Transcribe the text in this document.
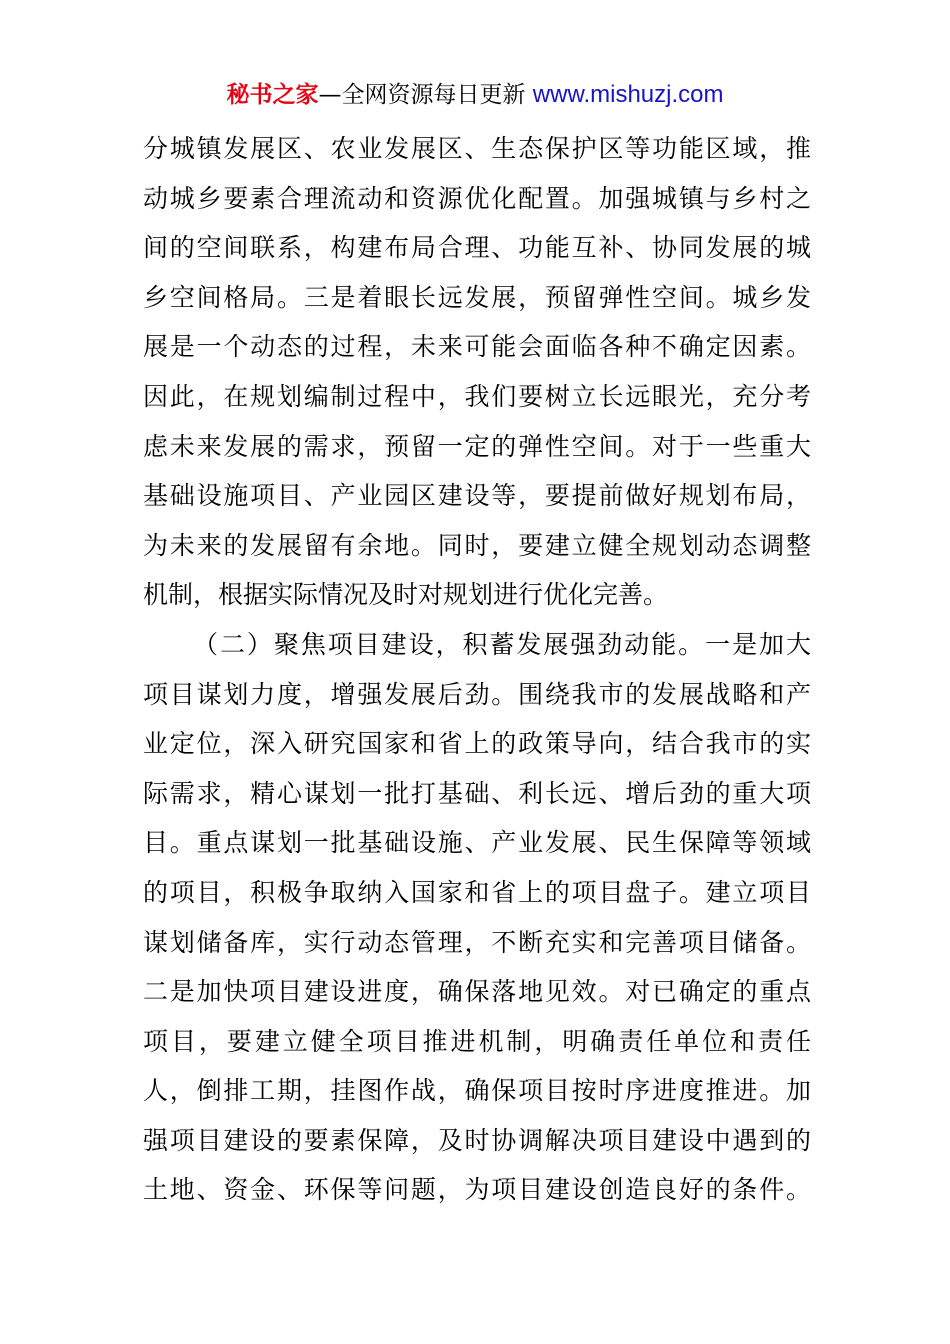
秘书之家—全网资源每日更新 www.mishuzj.com
分城镇发展区、农业发展区、生态保护区等功能区域，推
动城乡要素合理流动和资源优化配置。加强城镇与乡村之
间的空间联系，构建布局合理、功能互补、协同发展的城
乡空间格局。三是着眼长远发展，预留弹性空间。城乡发
展是一个动态的过程，未来可能会面临各种不确定因素。
因此，在规划编制过程中，我们要树立长远眼光，充分考
虑未来发展的需求，预留一定的弹性空间。对于一些重大
基础设施项目、产业园区建设等，要提前做好规划布局，
为未来的发展留有余地。同时，要建立健全规划动态调整
机制，根据实际情况及时对规划进行优化完善。
（二）聚焦项目建设，积蓄发展强劲动能。一是加大
项目谋划力度，增强发展后劲。围绕我市的发展战略和产
业定位，深入研究国家和省上的政策导向，结合我市的实
际需求，精心谋划一批打基础、利长远、增后劲的重大项
目。重点谋划一批基础设施、产业发展、民生保障等领域
的项目，积极争取纳入国家和省上的项目盘子。建立项目
谋划储备库，实行动态管理，不断充实和完善项目储备。
二是加快项目建设进度，确保落地见效。对已确定的重点
项目，要建立健全项目推进机制，明确责任单位和责任
人，倒排工期，挂图作战，确保项目按时序进度推进。加
强项目建设的要素保障，及时协调解决项目建设中遇到的
土地、资金、环保等问题，为项目建设创造良好的条件。
